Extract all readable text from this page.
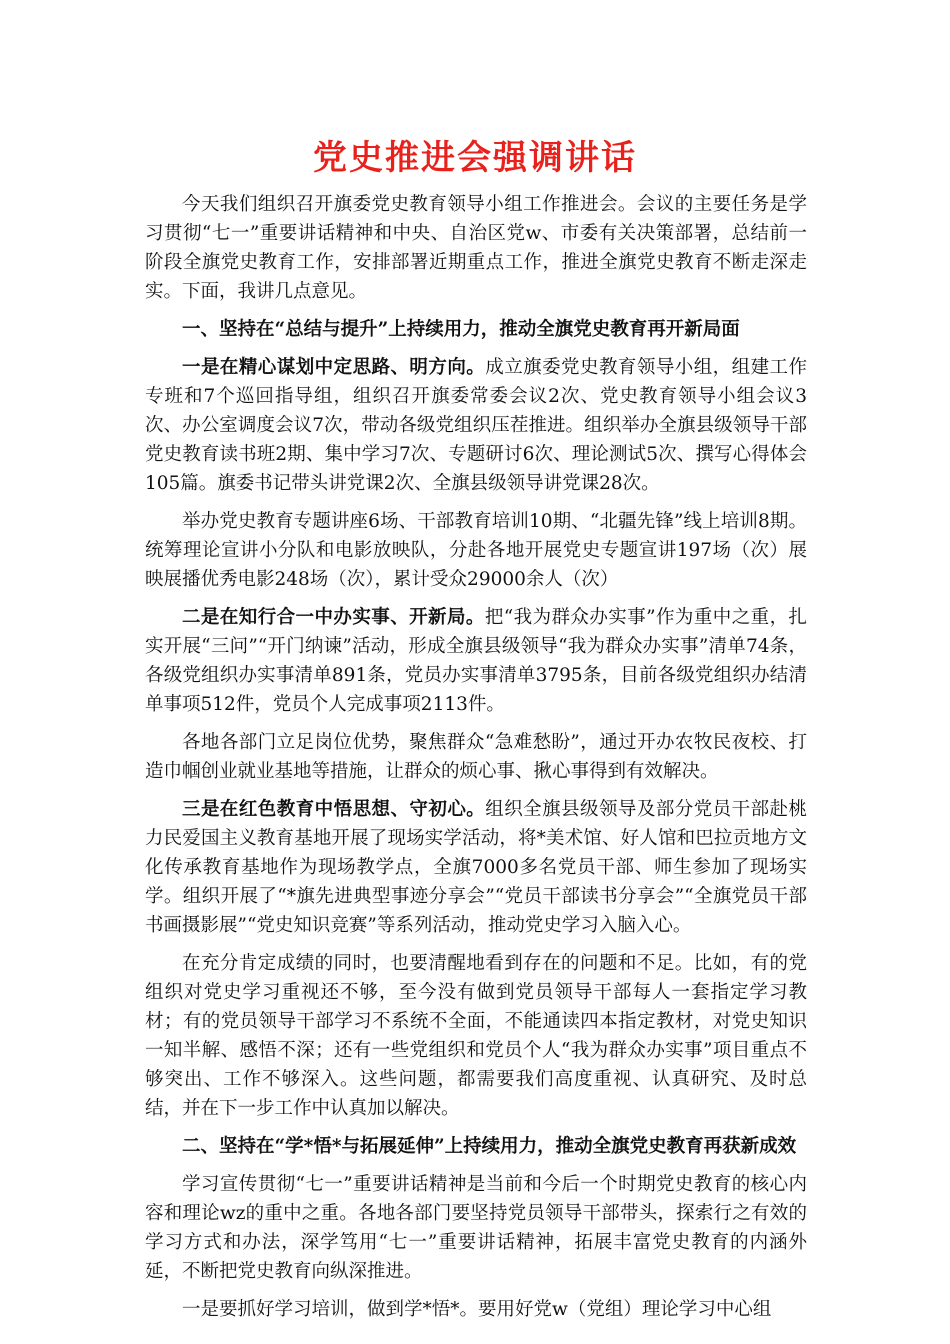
党史推进会强调讲话

今天我们组织召开旗委党史教育领导小组工作推进会。会议的主要任务是学习贯彻“七一”重要讲话精神和中央、自治区党w、市委有关决策部署，总结前一阶段全旗党史教育工作，安排部署近期重点工作，推进全旗党史教育不断走深走实。下面，我讲几点意见。

一、坚持在“总结与提升”上持续用力，推动全旗党史教育再开新局面

一是在精心谋划中定思路、明方向。成立旗委党史教育领导小组，组建工作专班和7个巡回指导组，组织召开旗委常委会议2次、党史教育领导小组会议3次、办公室调度会议7次，带动各级党组织压茬推进。组织举办全旗县级领导干部党史教育读书班2期、集中学习7次、专题研讨6次、理论测试5次、撰写心得体会105篇。旗委书记带头讲党课2次、全旗县级领导讲党课28次。

举办党史教育专题讲座6场、干部教育培训10期、“北疆先锋”线上培训8期。统筹理论宣讲小分队和电影放映队，分赴各地开展党史专题宣讲197场（次）展映展播优秀电影248场（次），累计受众29000余人（次）

二是在知行合一中办实事、开新局。把“我为群众办实事”作为重中之重，扎实开展“三问”“开门纳谏”活动，形成全旗县级领导“我为群众办实事”清单74条，各级党组织办实事清单891条，党员办实事清单3795条，目前各级党组织办结清单事项512件，党员个人完成事项2113件。

各地各部门立足岗位优势，聚焦群众“急难愁盼”，通过开办农牧民夜校、打造巾帼创业就业基地等措施，让群众的烦心事、揪心事得到有效解决。

三是在红色教育中悟思想、守初心。组织全旗县级领导及部分党员干部赴桃力民爱国主义教育基地开展了现场实学活动，将*美术馆、好人馆和巴拉贡地方文化传承教育基地作为现场教学点，全旗7000多名党员干部、师生参加了现场实学。组织开展了“*旗先进典型事迹分享会”“党员干部读书分享会”“全旗党员干部书画摄影展”“党史知识竞赛”等系列活动，推动党史学习入脑入心。

在充分肯定成绩的同时，也要清醒地看到存在的问题和不足。比如，有的党组织对党史学习重视还不够，至今没有做到党员领导干部每人一套指定学习教材；有的党员领导干部学习不系统不全面，不能通读四本指定教材，对党史知识一知半解、感悟不深；还有一些党组织和党员个人“我为群众办实事”项目重点不够突出、工作不够深入。这些问题，都需要我们高度重视、认真研究、及时总结，并在下一步工作中认真加以解决。

二、坚持在“学*悟*与拓展延伸”上持续用力，推动全旗党史教育再获新成效

学习宣传贯彻“七一”重要讲话精神是当前和今后一个时期党史教育的核心内容和理论wz的重中之重。各地各部门要坚持党员领导干部带头，探索行之有效的学习方式和办法，深学笃用“七一”重要讲话精神，拓展丰富党史教育的内涵外延，不断把党史教育向纵深推进。

一是要抓好学习培训，做到学*悟*。要用好党w（党组）理论学习中心组
